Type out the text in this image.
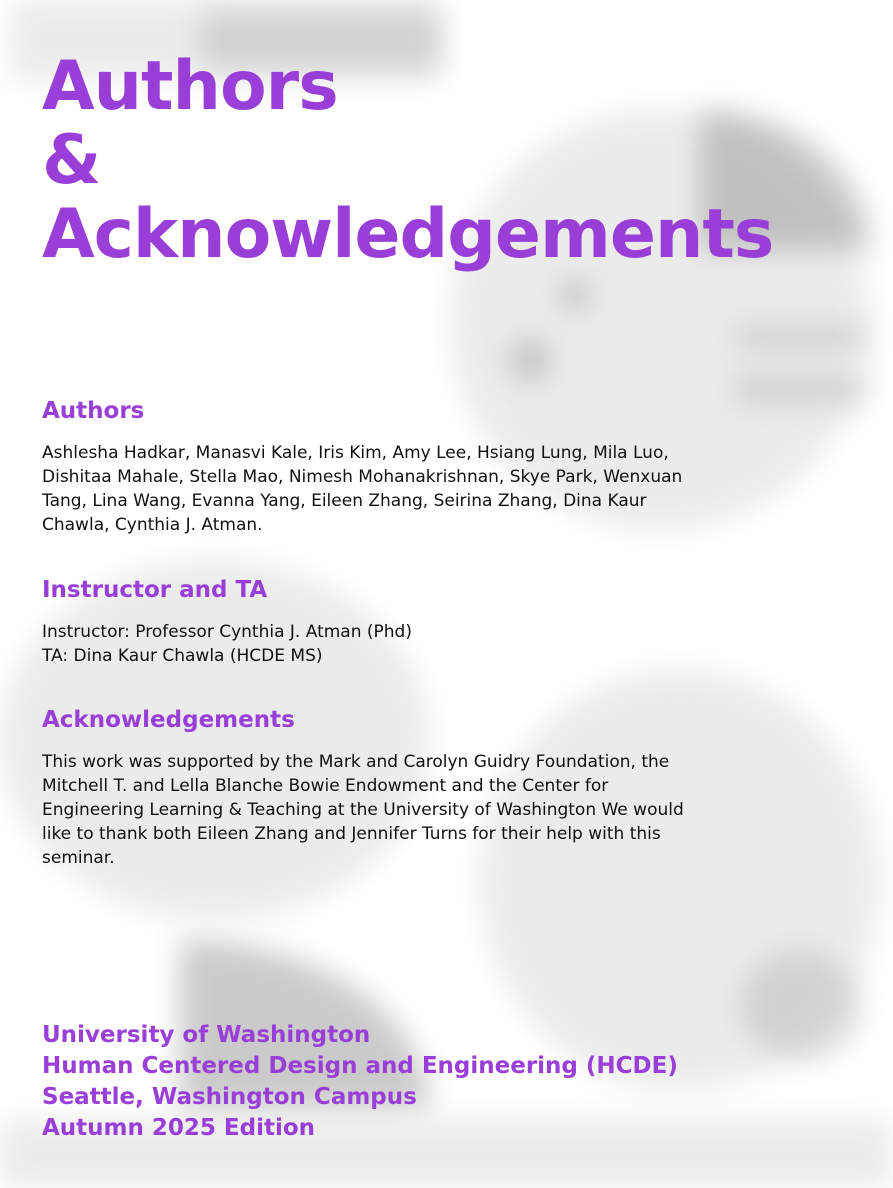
Authors
&
Acknowledgements
Authors

Ashlesha Hadkar, Manasvi Kale, Iris Kim, Amy Lee, Hsiang Lung, Mila Luo, Dishitaa Mahale, Stella Mao, Nimesh Mohanakrishnan, Skye Park, Wenxuan Tang, Lina Wang, Evanna Yang, Eileen Zhang, Seirina Zhang, Dina Kaur Chawla, Cynthia J. Atman.

Instructor and TA

Instructor: Professor Cynthia J. Atman (Phd)
TA: Dina Kaur Chawla (HCDE MS)

Acknowledgements

This work was supported by the Mark and Carolyn Guidry Foundation, the Mitchell T. and Lella Blanche Bowie Endowment and the Center for Engineering Learning & Teaching at the University of Washington We would like to thank both Eileen Zhang and Jennifer Turns for their help with this seminar.

University of Washington
Human Centered Design and Engineering (HCDE)
Seattle, Washington Campus
Autumn 2025 Edition
